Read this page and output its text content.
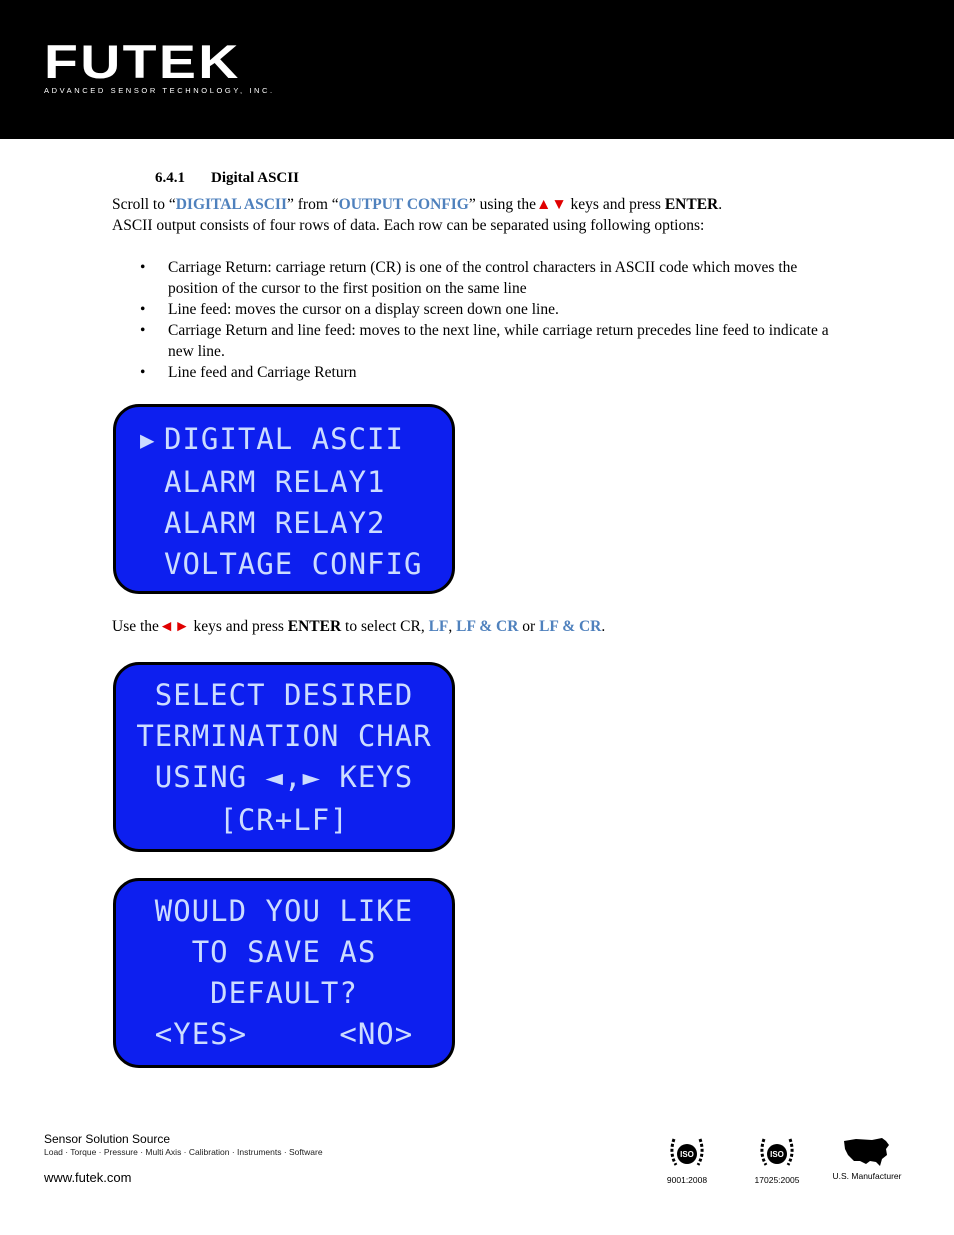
FUTEK
ADVANCED SENSOR TECHNOLOGY, INC.
6.4.1 Digital ASCII
Scroll to “DIGITAL ASCII” from “OUTPUT CONFIG” using the▲▼ keys and press ENTER.
ASCII output consists of four rows of data. Each row can be separated using following options:
• Carriage Return: carriage return (CR) is one of the control characters in ASCII code which moves the position of the cursor to the first position on the same line
• Line feed: moves the cursor on a display screen down one line.
• Carriage Return and line feed: moves to the next line, while carriage return precedes line feed to indicate a new line.
• Line feed and Carriage Return
▶ DIGITAL ASCII
ALARM RELAY1
ALARM RELAY2
VOLTAGE CONFIG
Use the◄► keys and press ENTER to select CR, LF, LF & CR or LF & CR.
SELECT DESIRED
TERMINATION CHAR
USING ◄,► KEYS
[CR+LF]
WOULD YOU LIKE
TO SAVE AS
DEFAULT?
<YES>     <NO>
Sensor Solution Source
Load · Torque · Pressure · Multi Axis · Calibration · Instruments · Software
www.futek.com
ISO
9001:2008
ISO
17025:2005	U.S. Manufacturer
